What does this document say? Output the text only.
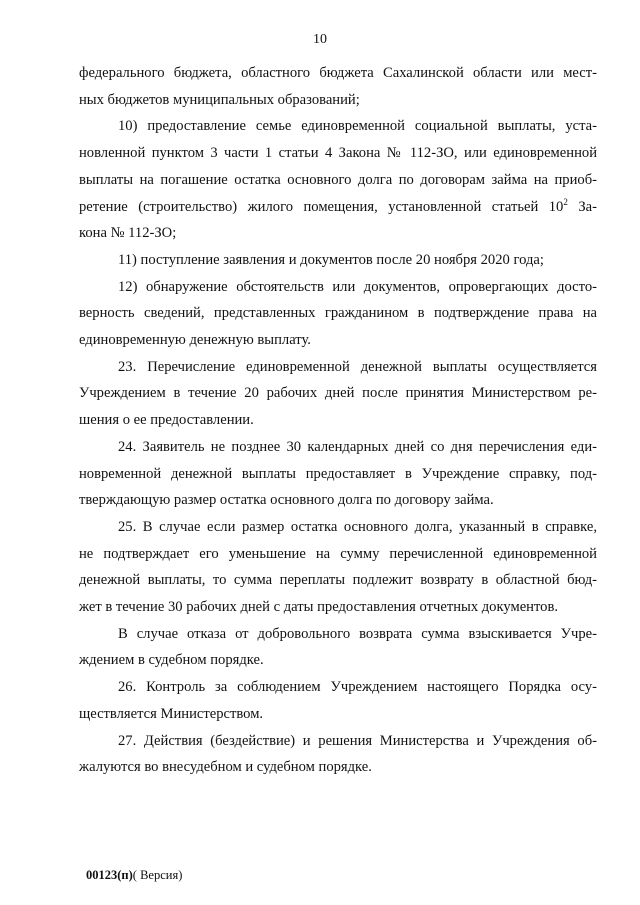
10
федерального бюджета, областного бюджета Сахалинской области или мест-
ных бюджетов муниципальных образований;
10) предоставление семье единовременной социальной выплаты, уста-
новленной пунктом 3 части 1 статьи 4 Закона № 112-ЗО, или единовременной
выплаты на погашение остатка основного долга по договорам займа на приоб-
ретение (строительство) жилого помещения, установленной статьей $10^2$ За-
кона № 112-ЗО;
11) поступление заявления и документов после 20 ноября 2020 года;
12) обнаружение обстоятельств или документов, опровергающих досто-
верность сведений, представленных гражданином в подтверждение права на
единовременную денежную выплату.
23. Перечисление единовременной денежной выплаты осуществляется
Учреждением в течение 20 рабочих дней после принятия Министерством ре-
шения о ее предоставлении.
24. Заявитель не позднее 30 календарных дней со дня перечисления еди-
новременной денежной выплаты предоставляет в Учреждение справку, под-
тверждающую размер остатка основного долга по договору займа.
25. В случае если размер остатка основного долга, указанный в справке,
не подтверждает его уменьшение на сумму перечисленной единовременной
денежной выплаты, то сумма переплаты подлежит возврату в областной бюд-
жет в течение 30 рабочих дней с даты предоставления отчетных документов.
В случае отказа от добровольного возврата сумма взыскивается Учре-
ждением в судебном порядке.
26. Контроль за соблюдением Учреждением настоящего Порядка осу-
ществляется Министерством.
27. Действия (бездействие) и решения Министерства и Учреждения об-
жалуются во внесудебном и судебном порядке.
00123(п)( Версия)
